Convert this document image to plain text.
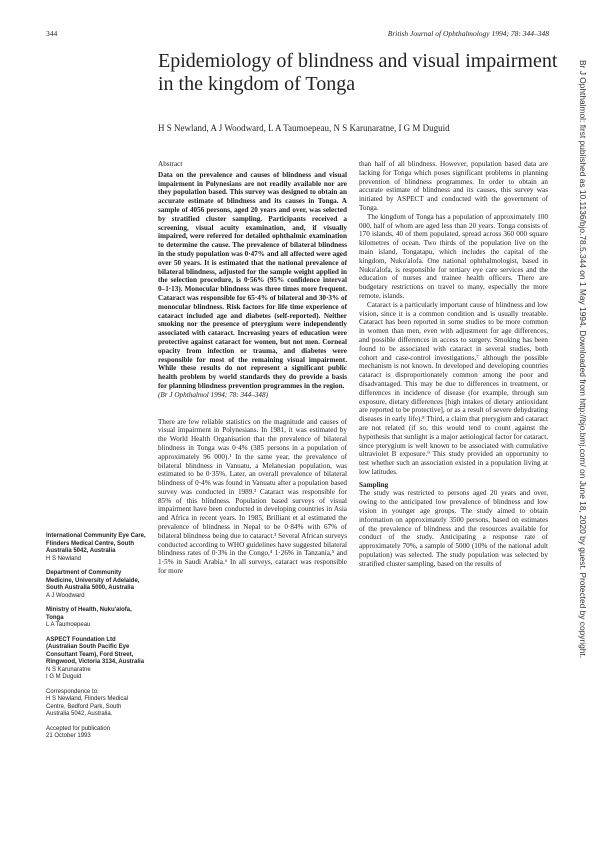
344	British Journal of Ophthalmology 1994; 78: 344–348
Epidemiology of blindness and visual impairment in the kingdom of Tonga
H S Newland, A J Woodward, L A Taumoepeau, N S Karunaratne, I G M Duguid	Br J Ophthalmol: first published as 10.1136/bjo.78.5.344 on 1 May 1994. Downloaded from http://bjo.bmj.com/ on June 18, 2020 by guest. Protected by copyright.
International Community Eye Care, Flinders Medical Centre, South Australia 5042, Australia
H S Newland
Department of Community Medicine, University of Adelaide, South Australia 5000, Australia
A J Woodward
Ministry of Health, Nuku'alofa, Tonga
L A Taumoepeau
ASPECT Foundation Ltd (Australian South Pacific Eye Consultant Team), Ford Street, Ringwood, Victoria 3134, Australia
N S Karunaratne
I G M Duguid
Correspondence to:
H S Newland, Flinders Medical Centre, Bedford Park, South Australia 5042, Australia.
Accepted for publication
21 October 1993
Abstract

Data on the prevalence and causes of blindness and visual impairment in Polynesians are not readily available nor are they population based. This survey was designed to obtain an accurate estimate of blindness and its causes in Tonga. A sample of 4056 persons, aged 20 years and over, was selected by stratified cluster sampling. Participants received a screening, visual acuity examination, and, if visually impaired, were referred for detailed ophthalmic examination to determine the cause. The prevalence of bilateral blindness in the study population was 0·47% and all affected were aged over 50 years. It is estimated that the national prevalence of bilateral blindness, adjusted for the sample weight applied in the selection procedure, is 0·56% (95% confidence interval 0–1·13). Monocular blindness was three times more frequent. Cataract was responsible for 65·4% of bilateral and 30·3% of monocular blindness. Risk factors for life time experience of cataract included age and diabetes (self-reported). Neither smoking nor the presence of pterygium were independently associated with cataract. Increasing years of education were protective against cataract for women, but not men. Corneal opacity from infection or trauma, and diabetes were responsible for most of the remaining visual impairment. While these results do not represent a significant public health problem by world standards they do provide a basis for planning blindness prevention programmes in the region.

(Br J Ophthalmol 1994; 78: 344–348)

There are few reliable statistics on the magnitude and causes of visual impairment in Polynesians. In 1981, it was estimated by the World Health Organisation that the prevalence of bilateral blindness in Tonga was 0·4% (385 persons in a population of approximately 96 000).¹ In the same year, the prevalence of bilateral blindness in Vanuatu, a Melanesian population, was estimated to be 0·35%. Later, an overall prevalence of bilateral blindness of 0·4% was found in Vanuatu after a population based survey was conducted in 1989.² Cataract was responsible for 85% of this blindness. Population based surveys of visual impairment have been conducted in developing countries in Asia and Africa in recent years. In 1985, Brilliant et al estimated the prevalence of blindness in Nepal to be 0·84% with 67% of bilateral blindness being due to cataract.³ Several African surveys conducted according to WHO guidelines have suggested bilateral blindness rates of 0·3% in the Congo,⁴ 1·26% in Tanzania,⁵ and 1·5% in Saudi Arabia.⁶ In all surveys, cataract was responsible for more

than half of all blindness. However, population based data are lacking for Tonga which poses significant problems in planning prevention of blindness programmes. In order to obtain an accurate estimate of blindness and its causes, this survey was initiated by ASPECT and conducted with the government of Tonga.

The kingdom of Tonga has a population of approximately 100 000, half of whom are aged less than 20 years. Tonga consists of 170 islands, 40 of them populated, spread across 360 000 square kilometres of ocean. Two thirds of the population live on the main island, Tongatapu, which includes the capital of the kingdom, Nuku'alofa. One national ophthalmologist, based in Nuku'alofa, is responsible for tertiary eye care services and the education of nurses and trainee health officers. There are budgetary restrictions on travel to many, especially the more remote, islands.

Cataract is a particularly important cause of blindness and low vision, since it is a common condition and is usually treatable. Cataract has been reported in some studies to be more common in women than men, even with adjustment for age differences, and possible differences in access to surgery. Smoking has been found to be associated with cataract in several studies, both cohort and case-control investigations,⁷ although the possible mechanism is not known. In developed and developing countries cataract is disproportionately common among the poor and disadvantaged. This may be due to differences in treatment, or differences in incidence of disease (for example, through sun exposure, dietary differences [high intakes of dietary antioxidant are reported to be protective], or as a result of severe dehydrating diseases in early life).⁸ Third, a claim that pterygium and cataract are not related (if so, this would tend to count against the hypothesis that sunlight is a major aetiological factor for cataract, since pterygium is well known to be associated with cumulative ultraviolet B exposure.⁹ This study provided an opportunity to test whether such an association existed in a population living at low latitudes.

Sampling

The study was restricted to persons aged 20 years and over, owing to the anticipated low prevalence of blindness and low vision in younger age groups. The study aimed to obtain information on approximately 3500 persons, based on estimates of the prevalence of blindness and the resources available for conduct of the study. Anticipating a response rate of approximately 70%, a sample of 5000 (10% of the national adult population) was selected. The study population was selected by stratified cluster sampling, based on the results of
